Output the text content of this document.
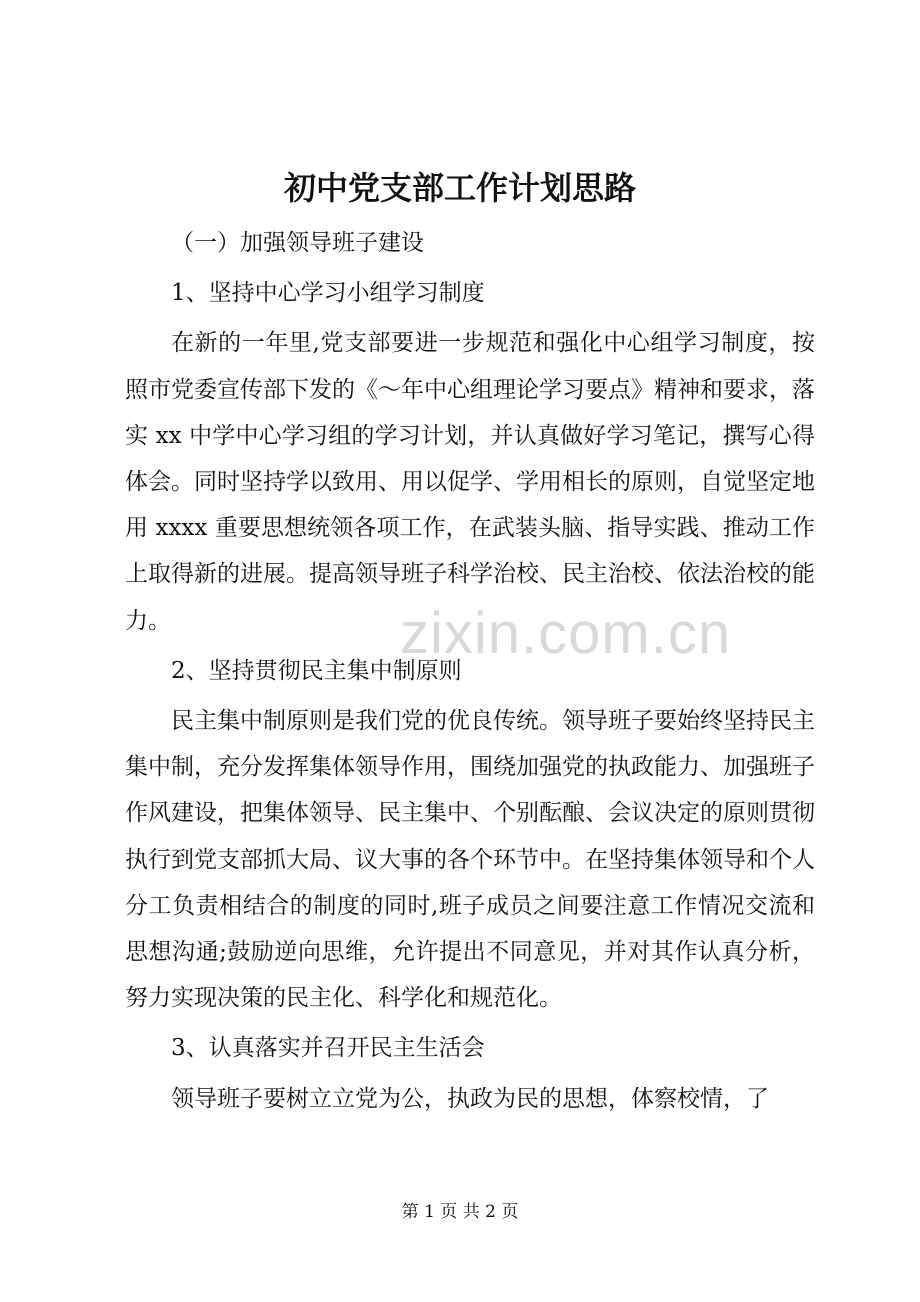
zixin.com.cn
初中党支部工作计划思路

（一）加强领导班子建设

1、坚持中心学习小组学习制度

在新的一年里,党支部要进一步规范和强化中心组学习制度，按照市党委宣传部下发的《～年中心组理论学习要点》精神和要求，落实 xx 中学中心学习组的学习计划，并认真做好学习笔记，撰写心得体会。同时坚持学以致用、用以促学、学用相长的原则，自觉坚定地用 xxxx 重要思想统领各项工作，在武装头脑、指导实践、推动工作上取得新的进展。提高领导班子科学治校、民主治校、依法治校的能力。

2、坚持贯彻民主集中制原则

民主集中制原则是我们党的优良传统。领导班子要始终坚持民主集中制，充分发挥集体领导作用，围绕加强党的执政能力、加强班子作风建设，把集体领导、民主集中、个别酝酿、会议决定的原则贯彻执行到党支部抓大局、议大事的各个环节中。在坚持集体领导和个人分工负责相结合的制度的同时,班子成员之间要注意工作情况交流和思想沟通;鼓励逆向思维，允许提出不同意见，并对其作认真分析，努力实现决策的民主化、科学化和规范化。

3、认真落实并召开民主生活会

领导班子要树立立党为公，执政为民的思想，体察校情，了

第 1 页 共 2 页
